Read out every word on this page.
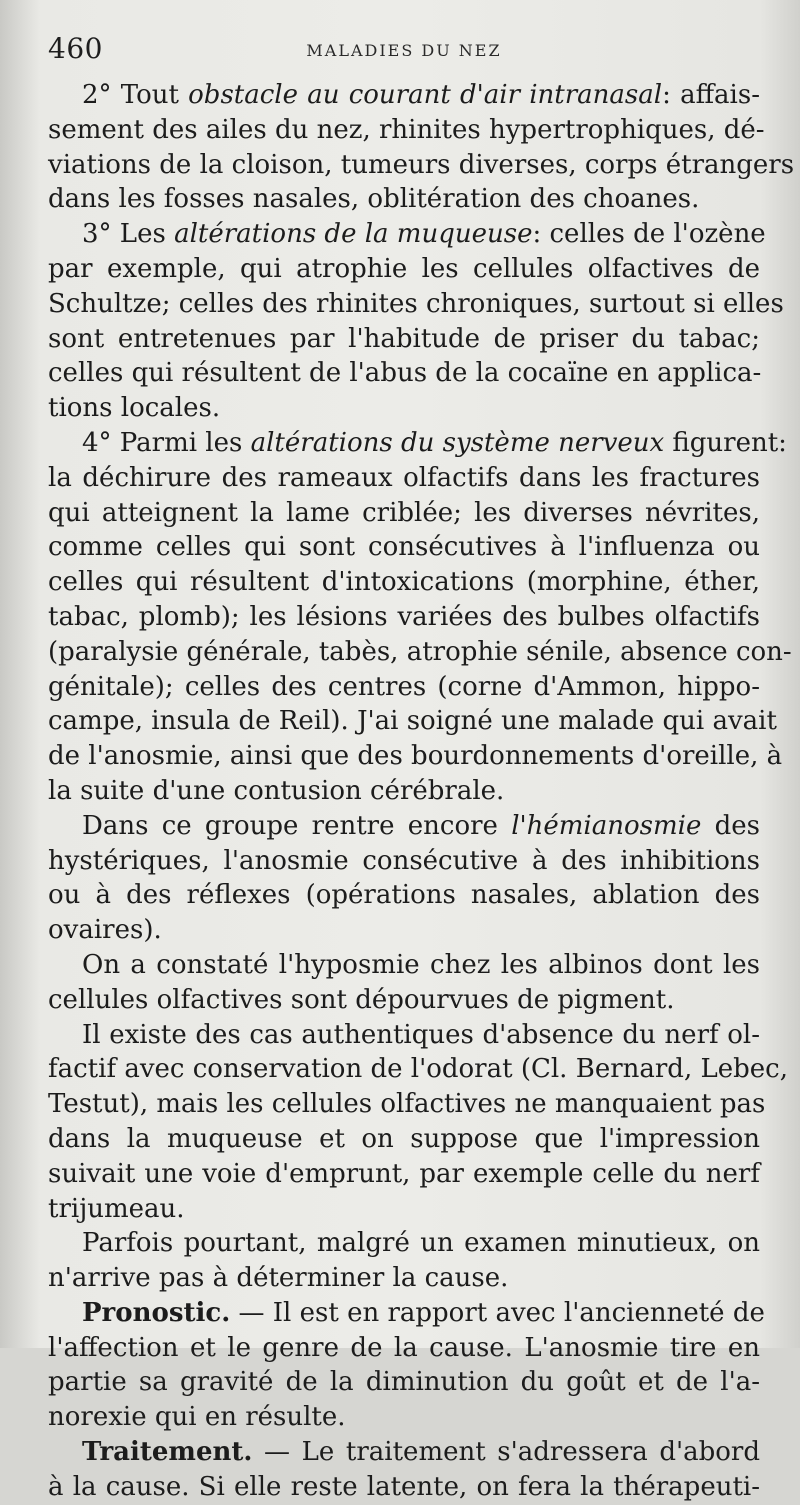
460	MALADIES DU NEZ
2° Tout obstacle au courant d'air intranasal: affais-
sement des ailes du nez, rhinites hypertrophiques, dé-
viations de la cloison, tumeurs diverses, corps étrangers
dans les fosses nasales, oblitération des choanes.
3° Les altérations de la muqueuse: celles de l'ozène
par exemple, qui atrophie les cellules olfactives de
Schultze; celles des rhinites chroniques, surtout si elles
sont entretenues par l'habitude de priser du tabac;
celles qui résultent de l'abus de la cocaïne en applica-
tions locales.
4° Parmi les altérations du système nerveux figurent:
la déchirure des rameaux olfactifs dans les fractures
qui atteignent la lame criblée; les diverses névrites,
comme celles qui sont consécutives à l'influenza ou
celles qui résultent d'intoxications (morphine, éther,
tabac, plomb); les lésions variées des bulbes olfactifs
(paralysie générale, tabès, atrophie sénile, absence con-
génitale); celles des centres (corne d'Ammon, hippo-
campe, insula de Reil). J'ai soigné une malade qui avait
de l'anosmie, ainsi que des bourdonnements d'oreille, à
la suite d'une contusion cérébrale.
Dans ce groupe rentre encore l'hémianosmie des
hystériques, l'anosmie consécutive à des inhibitions
ou à des réflexes (opérations nasales, ablation des
ovaires).
On a constaté l'hyposmie chez les albinos dont les
cellules olfactives sont dépourvues de pigment.
Il existe des cas authentiques d'absence du nerf ol-
factif avec conservation de l'odorat (Cl. Bernard, Lebec,
Testut), mais les cellules olfactives ne manquaient pas
dans la muqueuse et on suppose que l'impression
suivait une voie d'emprunt, par exemple celle du nerf
trijumeau.
Parfois pourtant, malgré un examen minutieux, on
n'arrive pas à déterminer la cause.
Pronostic. — Il est en rapport avec l'ancienneté de
l'affection et le genre de la cause. L'anosmie tire en
partie sa gravité de la diminution du goût et de l'a-
norexie qui en résulte.
Traitement. — Le traitement s'adressera d'abord
à la cause. Si elle reste latente, on fera la thérapeuti-
